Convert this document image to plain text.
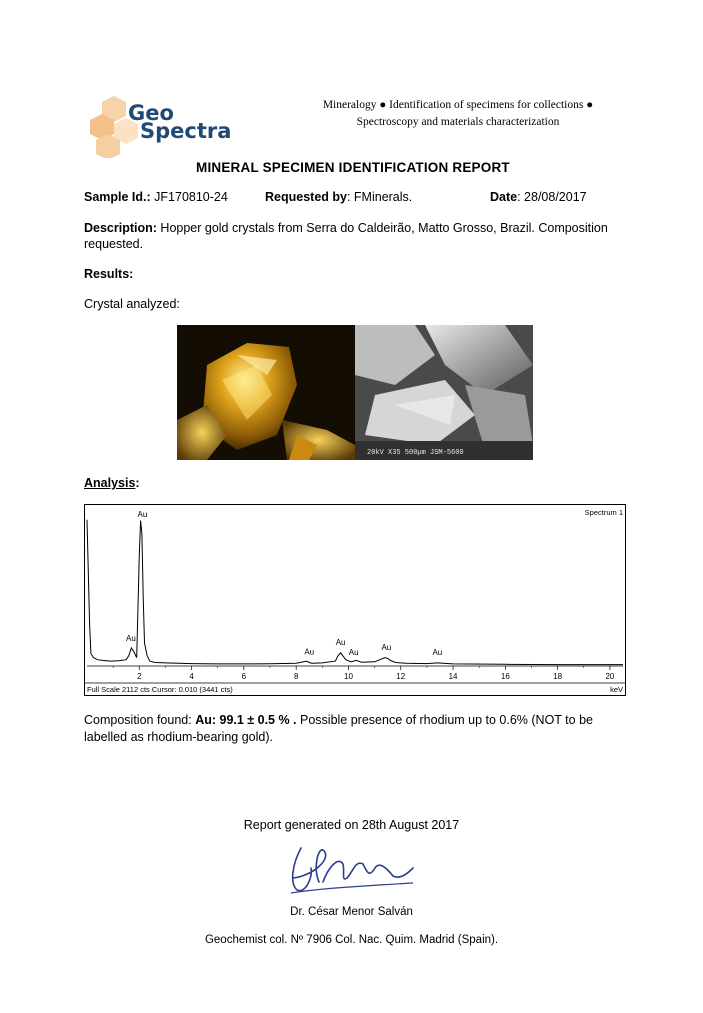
Geo
Spectra
Mineralogy ● Identification of specimens for collections ●
Spectroscopy and materials characterization
MINERAL SPECIMEN IDENTIFICATION REPORT
Sample Id.: JF170810-24	Requested by: FMinerals.	Date: 28/08/2017
Description: Hopper gold crystals from Serra do Caldeirão, Matto Grosso, Brazil. Composition
requested.
Results:
Crystal analyzed:
20kV X35 500µm JSM-5600
Analysis:
Spectrum 1
2	4	6	8	10	12	14	16	18	20
Au
Au
Au
Au
Au
Au
Au
Full Scale 2112 cts Cursor: 0.010 (3441 cts)	keV
Composition found: Au: 99.1 ± 0.5 % . Possible presence of rhodium up to 0.6% (NOT to be
labelled as rhodium-bearing gold).
Report generated on 28th August 2017
Dr. César Menor Salván
Geochemist col. Nº 7906 Col. Nac. Quim. Madrid (Spain).
